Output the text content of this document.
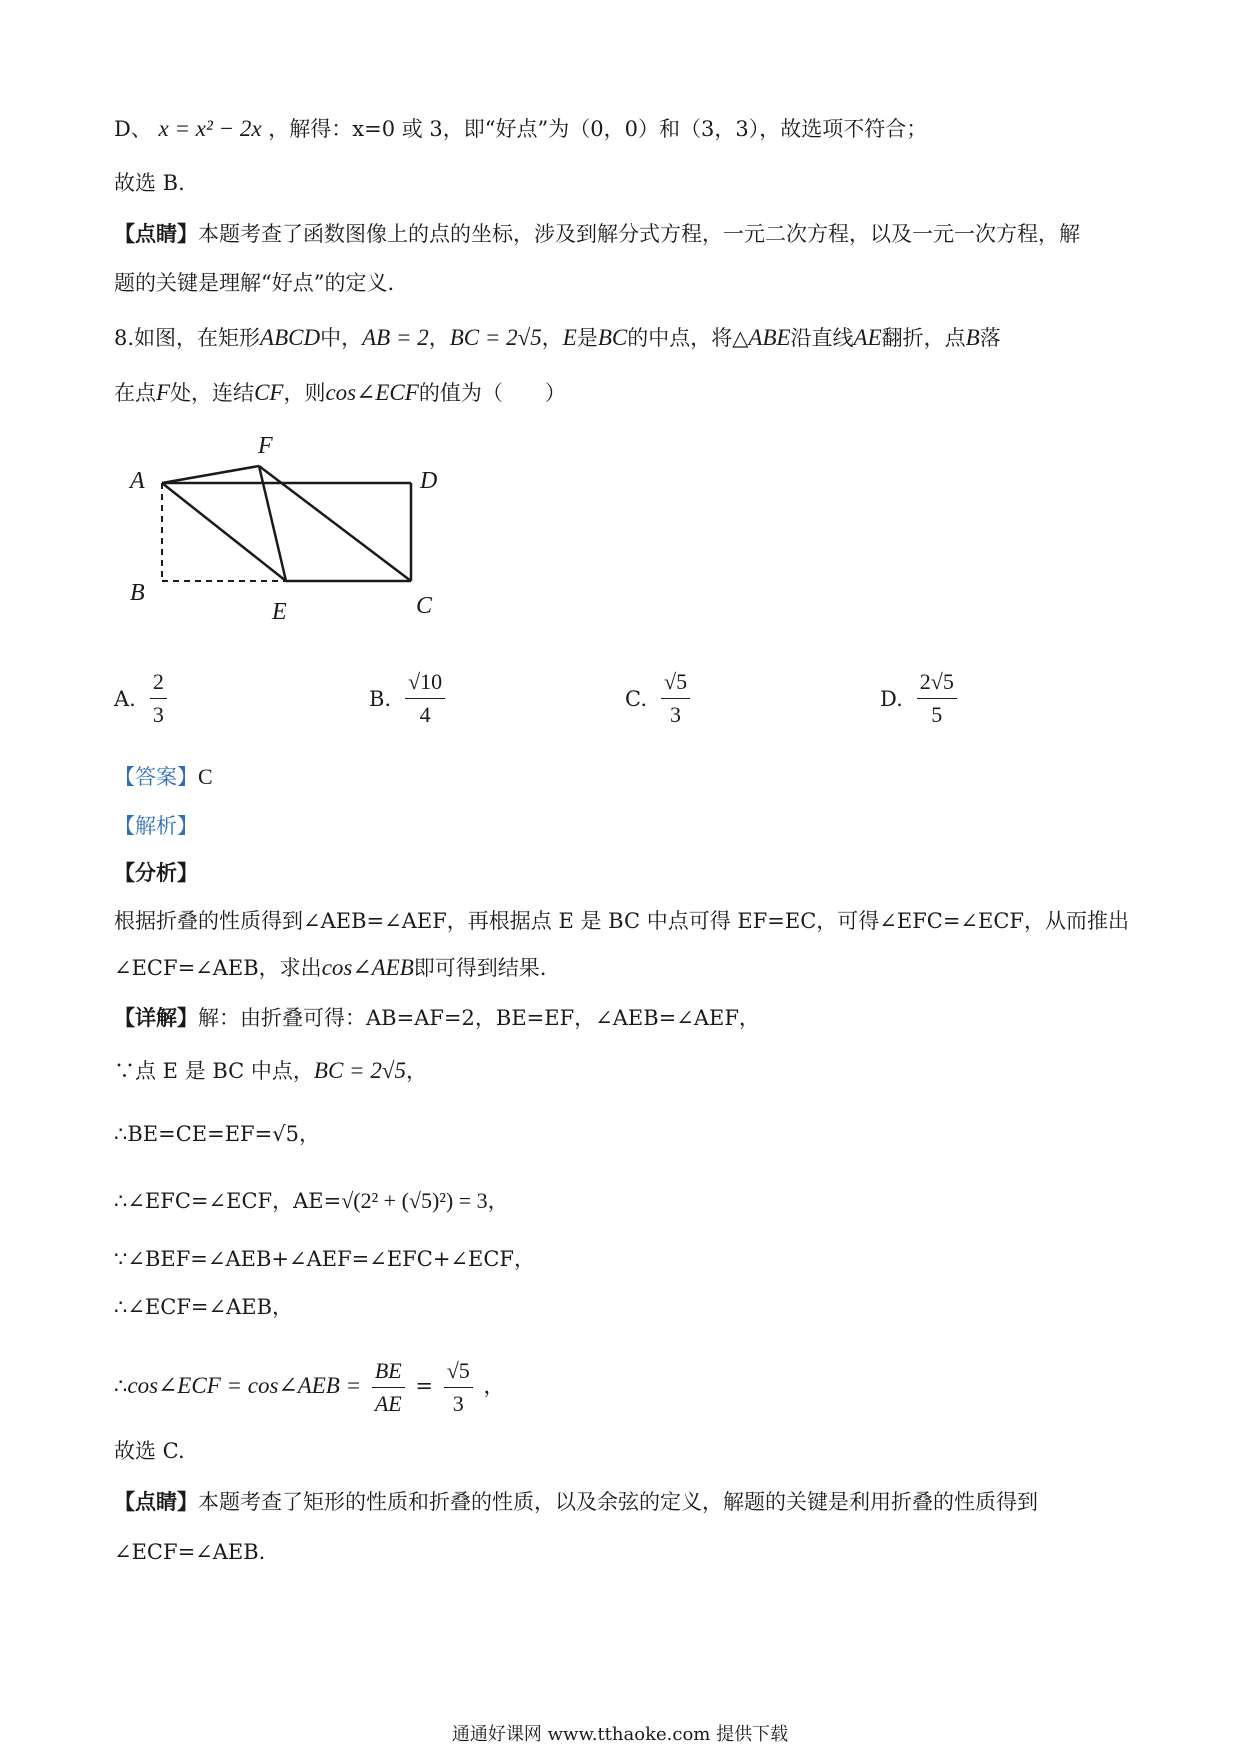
D、 x = x² − 2x ，解得：x=0 或 3，即“好点”为（0，0）和（3，3），故选项不符合；
故选 B.
【点睛】本题考查了函数图像上的点的坐标，涉及到解分式方程，一元二次方程，以及一元一次方程，解
题的关键是理解“好点”的定义.
8.如图，在矩形ABCD中，AB = 2，BC = 2√5，E是BC的中点，将△ABE沿直线AE翻折，点B落
在点F处，连结CF，则cos∠ECF的值为（　　）
A
B	C
D
E
F
A. $\frac{2}{3}$	B. $\frac{√10}{4}$	C. $\frac{√5}{3}$	D. $\frac{2√5}{5}$
【答案】C
【解析】
【分析】
根据折叠的性质得到∠AEB=∠AEF，再根据点 E 是 BC 中点可得 EF=EC，可得∠EFC=∠ECF，从而推出
∠ECF=∠AEB，求出cos∠AEB即可得到结果.
【详解】解：由折叠可得：AB=AF=2，BE=EF，∠AEB=∠AEF，
∵点 E 是 BC 中点，BC = 2√5，
∴BE=CE=EF=√5，
∴∠EFC=∠ECF，AE=√(2² + (√5)²) = 3，
∵∠BEF=∠AEB+∠AEF=∠EFC+∠ECF，
∴∠ECF=∠AEB，
∴cos∠ECF = cos∠AEB = $\frac{BE}{AE} = \frac{√5}{3}$ ，
故选 C.
【点睛】本题考查了矩形的性质和折叠的性质，以及余弦的定义，解题的关键是利用折叠的性质得到
∠ECF=∠AEB.
通通好课网 www.tthaoke.com 提供下载
